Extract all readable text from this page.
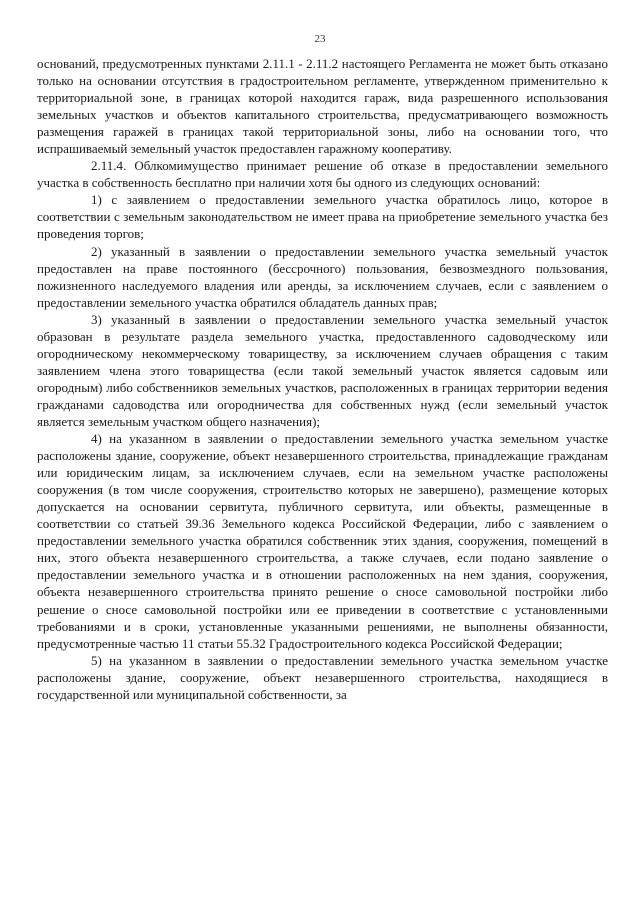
23

оснований, предусмотренных пунктами 2.11.1 - 2.11.2 настоящего Регламента не может быть отказано только на основании отсутствия в градостроительном регламенте, утвержденном применительно к территориальной зоне, в границах которой находится гараж, вида разрешенного использования земельных участков и объектов капитального строительства, предусматривающего возможность размещения гаражей в границах такой территориальной зоны, либо на основании того, что испрашиваемый земельный участок предоставлен гаражному кооперативу.

2.11.4. Облкомимущество принимает решение об отказе в предоставлении земельного участка в собственность бесплатно при наличии хотя бы одного из следующих оснований:

1) с заявлением о предоставлении земельного участка обратилось лицо, которое в соответствии с земельным законодательством не имеет права на приобретение земельного участка без проведения торгов;

2) указанный в заявлении о предоставлении земельного участка земельный участок предоставлен на праве постоянного (бессрочного) пользования, безвозмездного пользования, пожизненного наследуемого владения или аренды, за исключением случаев, если с заявлением о предоставлении земельного участка обратился обладатель данных прав;

3) указанный в заявлении о предоставлении земельного участка земельный участок образован в результате раздела земельного участка, предоставленного садоводческому или огородническому некоммерческому товариществу, за исключением случаев обращения с таким заявлением члена этого товарищества (если такой земельный участок является садовым или огородным) либо собственников земельных участков, расположенных в границах территории ведения гражданами садоводства или огородничества для собственных нужд (если земельный участок является земельным участком общего назначения);

4) на указанном в заявлении о предоставлении земельного участка земельном участке расположены здание, сооружение, объект незавершенного строительства, принадлежащие гражданам или юридическим лицам, за исключением случаев, если на земельном участке расположены сооружения (в том числе сооружения, строительство которых не завершено), размещение которых допускается на основании сервитута, публичного сервитута, или объекты, размещенные в соответствии со статьей 39.36 Земельного кодекса Российской Федерации, либо с заявлением о предоставлении земельного участка обратился собственник этих здания, сооружения, помещений в них, этого объекта незавершенного строительства, а также случаев, если подано заявление о предоставлении земельного участка и в отношении расположенных на нем здания, сооружения, объекта незавершенного строительства принято решение о сносе самовольной постройки либо решение о сносе самовольной постройки или ее приведении в соответствие с установленными требованиями и в сроки, установленные указанными решениями, не выполнены обязанности, предусмотренные частью 11 статьи 55.32 Градостроительного кодекса Российской Федерации;

5) на указанном в заявлении о предоставлении земельного участка земельном участке расположены здание, сооружение, объект незавершенного строительства, находящиеся в государственной или муниципальной собственности, за
